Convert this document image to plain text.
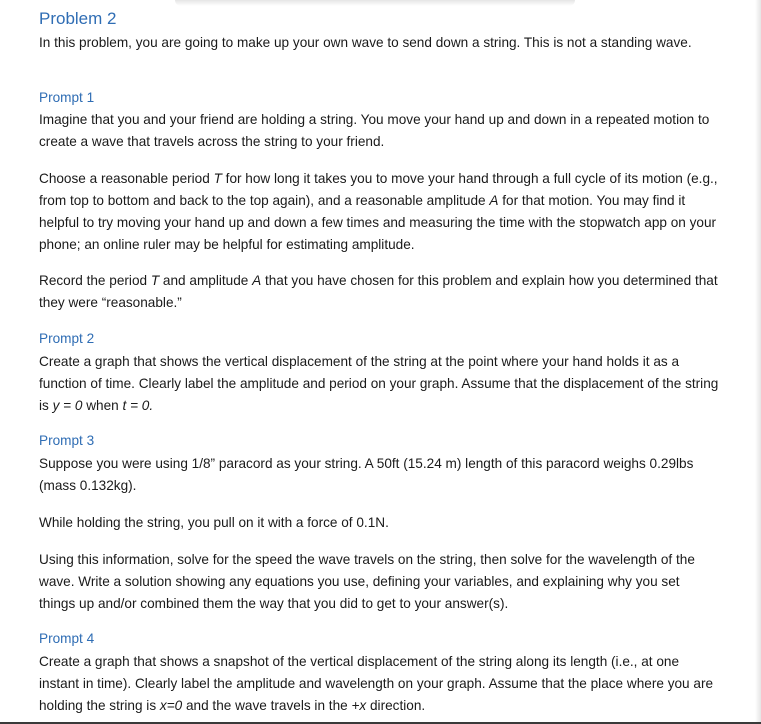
Problem 2

In this problem, you are going to make up your own wave to send down a string. This is not a standing wave.

Prompt 1

Imagine that you and your friend are holding a string. You move your hand up and down in a repeated motion to create a wave that travels across the string to your friend.

Choose a reasonable period T for how long it takes you to move your hand through a full cycle of its motion (e.g., from top to bottom and back to the top again), and a reasonable amplitude A for that motion. You may find it helpful to try moving your hand up and down a few times and measuring the time with the stopwatch app on your phone; an online ruler may be helpful for estimating amplitude.

Record the period T and amplitude A that you have chosen for this problem and explain how you determined that they were “reasonable.”

Prompt 2

Create a graph that shows the vertical displacement of the string at the point where your hand holds it as a function of time. Clearly label the amplitude and period on your graph. Assume that the displacement of the string is y = 0 when t = 0.

Prompt 3

Suppose you were using 1/8” paracord as your string. A 50ft (15.24 m) length of this paracord weighs 0.29lbs (mass 0.132kg).

While holding the string, you pull on it with a force of 0.1N.

Using this information, solve for the speed the wave travels on the string, then solve for the wavelength of the wave. Write a solution showing any equations you use, defining your variables, and explaining why you set things up and/or combined them the way that you did to get to your answer(s).

Prompt 4

Create a graph that shows a snapshot of the vertical displacement of the string along its length (i.e., at one instant in time). Clearly label the amplitude and wavelength on your graph. Assume that the place where you are holding the string is x=0 and the wave travels in the +x direction.
